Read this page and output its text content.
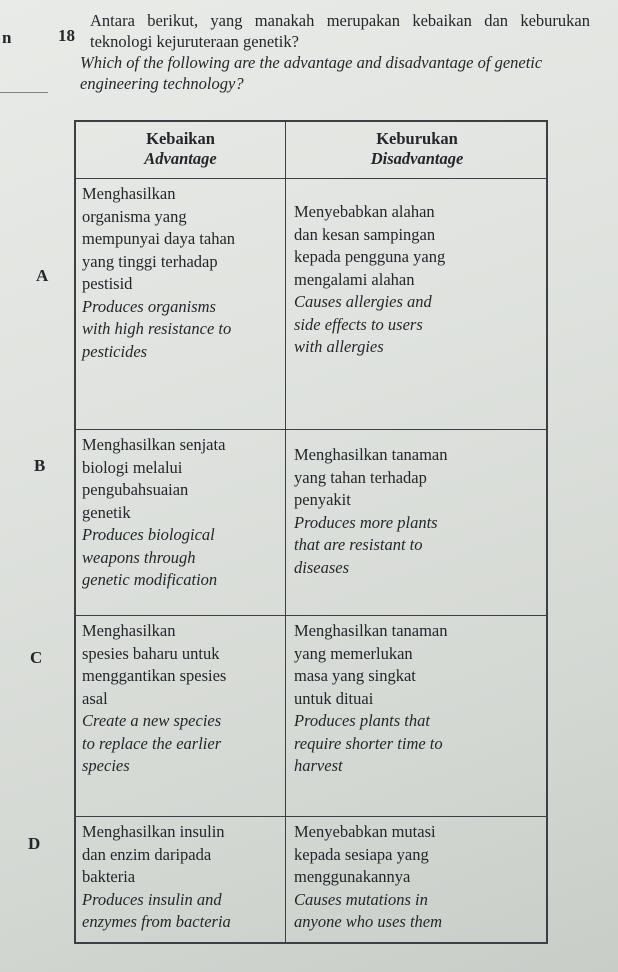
n	18
Antara berikut, yang manakah merupakan kebaikan dan keburukan teknologi kejuruteraan genetik?
Which of the following are the advantage and disadvantage of genetic engineering technology?
A
B
C
D
Kebaikan
Advantage
Keburukan
Disadvantage
Menghasilkan
organisma yang
mempunyai daya tahan
yang tinggi terhadap
pestisid
Produces organisms
with high resistance to
pesticides
Menyebabkan alahan
dan kesan sampingan
kepada pengguna yang
mengalami alahan
Causes allergies and
side effects to users
with allergies
Menghasilkan senjata
biologi melalui
pengubahsuaian
genetik
Produces biological
weapons through
genetic modification
Menghasilkan tanaman
yang tahan terhadap
penyakit
Produces more plants
that are resistant to
diseases
Menghasilkan
spesies baharu untuk
menggantikan spesies
asal
Create a new species
to replace the earlier
species
Menghasilkan tanaman
yang memerlukan
masa yang singkat
untuk dituai
Produces plants that
require shorter time to
harvest
Menghasilkan insulin
dan enzim daripada
bakteria
Produces insulin and
enzymes from bacteria
Menyebabkan mutasi
kepada sesiapa yang
menggunakannya
Causes mutations in
anyone who uses them
